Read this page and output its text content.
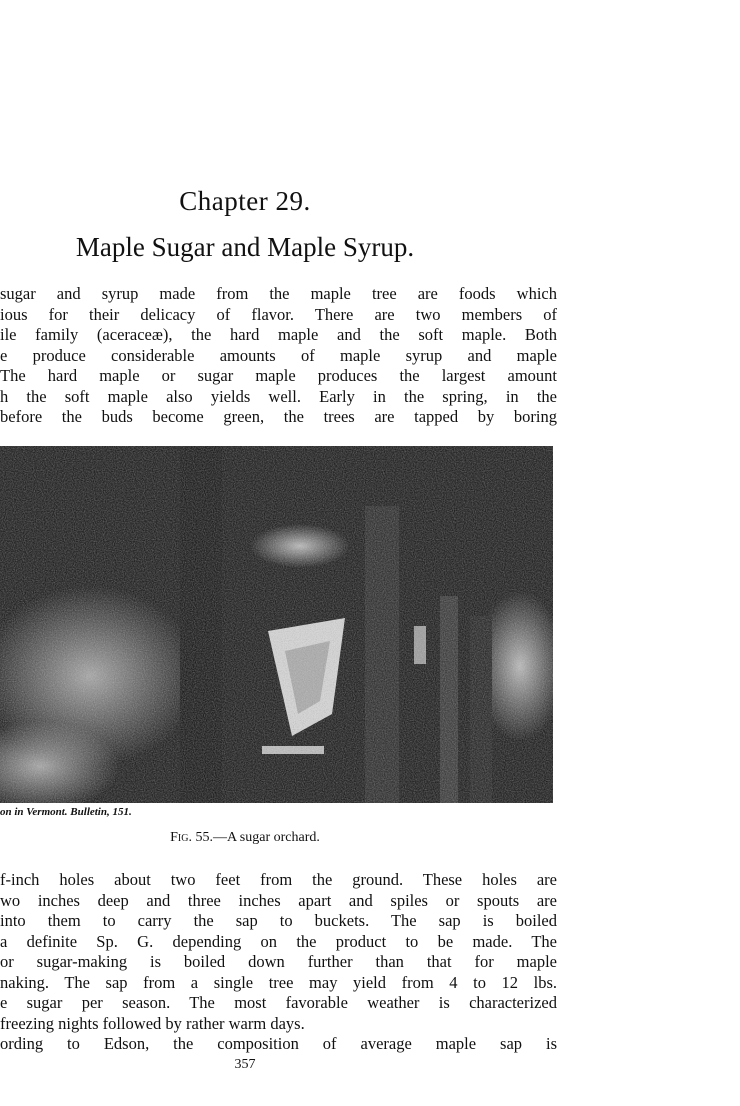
Chapter 29.
Maple Sugar and Maple Syrup.
sugar and syrup made from the maple tree are foods which
ious for their delicacy of flavor. There are two members of
ile family (aceraceæ), the hard maple and the soft maple. Both
e produce considerable amounts of maple syrup and maple
The hard maple or sugar maple produces the largest amount
h the soft maple also yields well. Early in the spring, in the
before the buds become green, the trees are tapped by boring
on in Vermont. Bulletin, 151.
Fig. 55.—A sugar orchard.
f-inch holes about two feet from the ground. These holes are
wo inches deep and three inches apart and spiles or spouts are
into them to carry the sap to buckets. The sap is boiled
a definite Sp. G. depending on the product to be made. The
or sugar-making is boiled down further than that for maple
naking. The sap from a single tree may yield from 4 to 12 lbs.
e sugar per season. The most favorable weather is characterized
freezing nights followed by rather warm days.
ording to Edson, the composition of average maple sap is
357
